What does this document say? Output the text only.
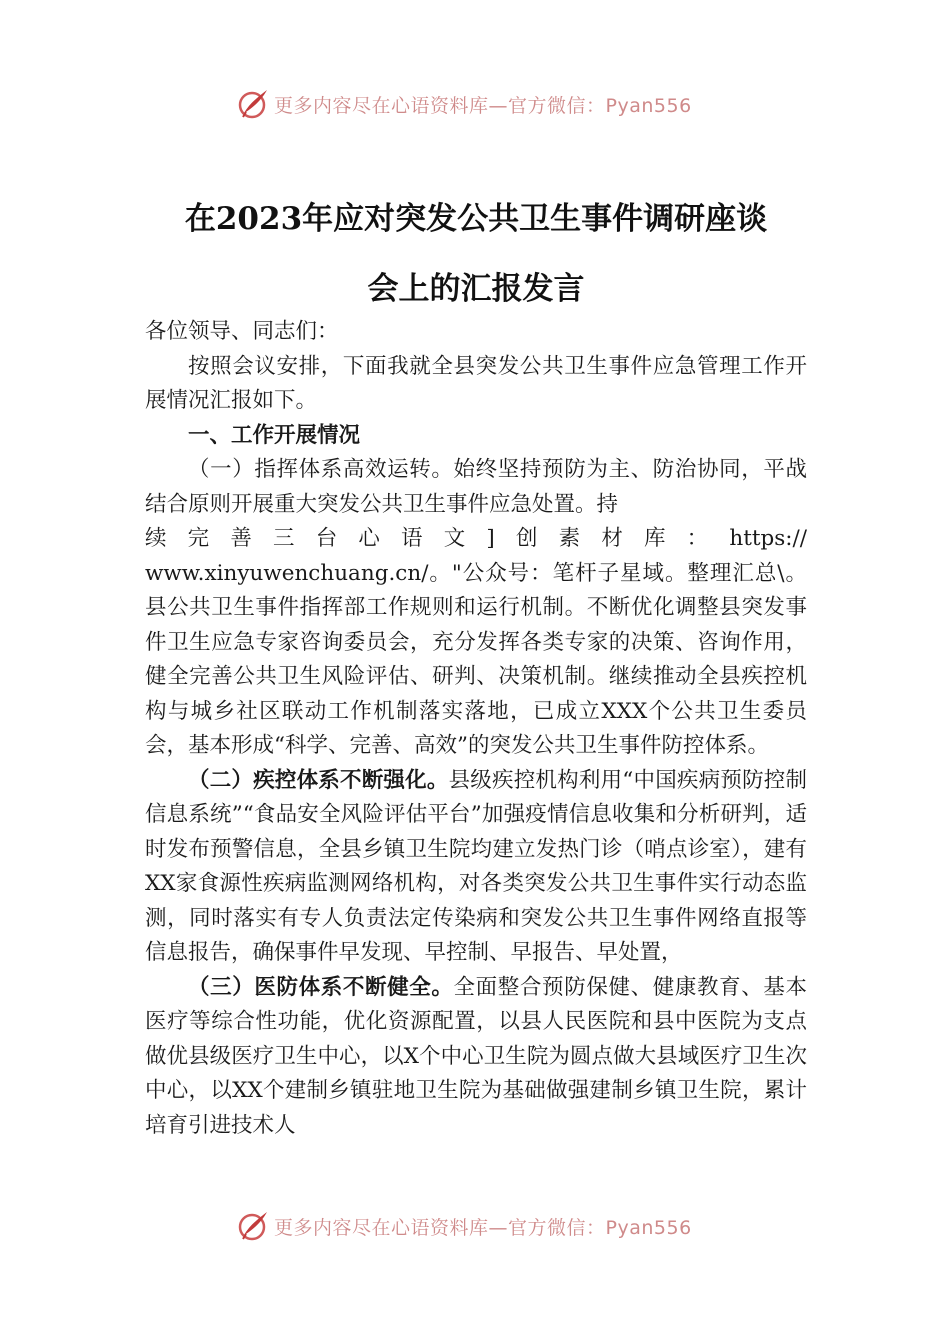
更多内容尽在心语资料库—官方微信：Pyan556
在2023年应对突发公共卫生事件调研座谈
会上的汇报发言

各位领导、同志们：

按照会议安排，下面我就全县突发公共卫生事件应急管理工作开展情况汇报如下。

一、工作开展情况

（一）指挥体系高效运转。始终坚持预防为主、防治协同，平战结合原则开展重大突发公共卫生事件应急处置。持

续完善三台心语文]创素材库：https://

www.xinyuwenchuang.cn/。"公众号：笔杆子星域。整理汇总\。县公共卫生事件指挥部工作规则和运行机制。不断优化调整县突发事件卫生应急专家咨询委员会，充分发挥各类专家的决策、咨询作用，健全完善公共卫生风险评估、研判、决策机制。继续推动全县疾控机构与城乡社区联动工作机制落实落地，已成立XXX个公共卫生委员会，基本形成“科学、完善、高效”的突发公共卫生事件防控体系。

（二）疾控体系不断强化。县级疾控机构利用“中国疾病预防控制信息系统”“食品安全风险评估平台”加强疫情信息收集和分析研判，适时发布预警信息，全县乡镇卫生院均建立发热门诊（哨点诊室），建有XX家食源性疾病监测网络机构，对各类突发公共卫生事件实行动态监测，同时落实有专人负责法定传染病和突发公共卫生事件网络直报等信息报告，确保事件早发现、早控制、早报告、早处置，

（三）医防体系不断健全。全面整合预防保健、健康教育、基本医疗等综合性功能，优化资源配置，以县人民医院和县中医院为支点做优县级医疗卫生中心，以X个中心卫生院为圆点做大县域医疗卫生次中心，以XX个建制乡镇驻地卫生院为基础做强建制乡镇卫生院，累计培育引进技术人

更多内容尽在心语资料库—官方微信：Pyan556
